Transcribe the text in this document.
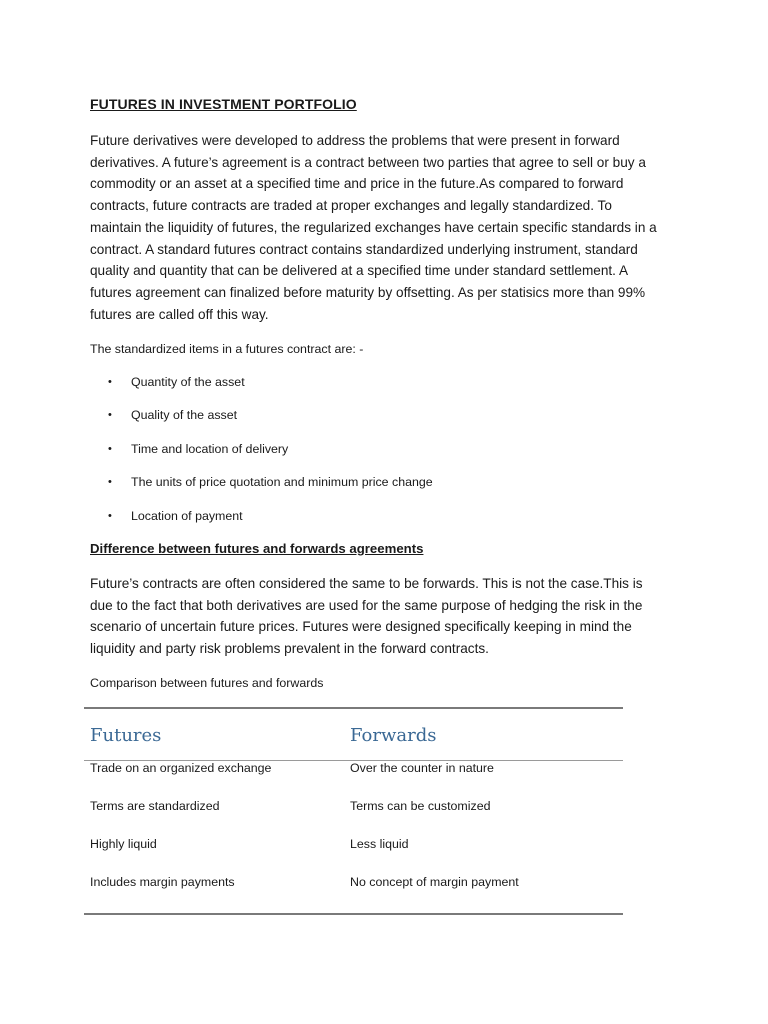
FUTURES IN INVESTMENT PORTFOLIO

Future derivatives were developed to address the problems that were present in forward derivatives. A future’s agreement is a contract between two parties that agree to sell or buy a commodity or an asset at a specified time and price in the future.As compared to forward contracts, future contracts are traded at proper exchanges and legally standardized. To maintain the liquidity of futures, the regularized exchanges have certain specific standards in a contract. A standard futures contract contains standardized underlying instrument, standard quality and quantity that can be delivered at a specified time under standard settlement. A futures agreement can finalized before maturity by offsetting. As per statisics more than 99% futures are called off this way.

The standardized items in a futures contract are: -

• Quantity of the asset
• Quality of the asset
• Time and location of delivery
• The units of price quotation and minimum price change
• Location of payment
Difference between futures and forwards agreements

Future’s contracts are often considered the same to be forwards. This is not the case.This is due to the fact that both derivatives are used for the same purpose of hedging the risk in the scenario of uncertain future prices. Futures were designed specifically keeping in mind the liquidity and party risk problems prevalent in the forward contracts.

Comparison between futures and forwards

Futures	Forwards
Trade on an organized exchange	Over the counter in nature
Terms are standardized	Terms can be customized
Highly liquid	Less liquid
Includes margin payments	No concept of margin payment
